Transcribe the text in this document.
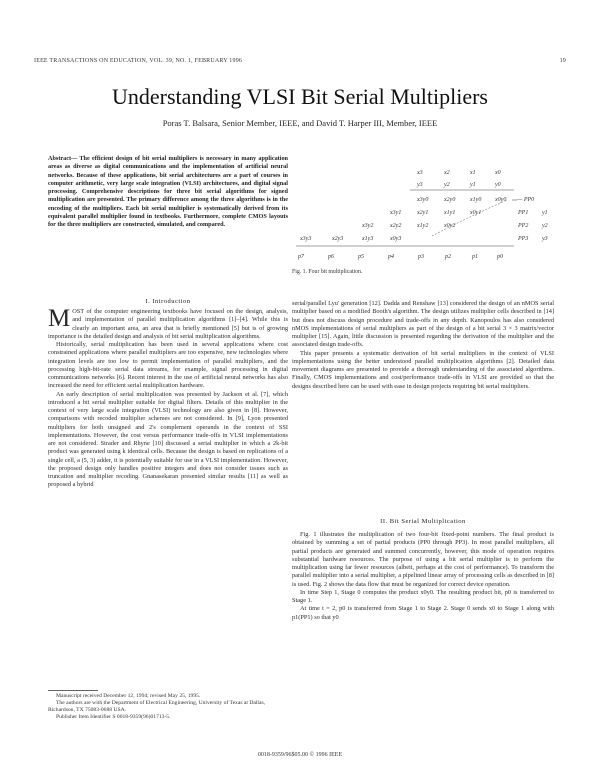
IEEE TRANSACTIONS ON EDUCATION, VOL. 39, NO. 1, FEBRUARY 1996	19
Understanding VLSI Bit Serial Multipliers
Poras T. Balsara, Senior Member, IEEE, and David T. Harper III, Member, IEEE
Abstract— The efficient design of bit serial multipliers is necessary in many application areas as diverse as digital communications and the implementation of artificial neural networks. Because of these applications, bit serial architectures are a part of courses in computer arithmetic, very large scale integration (VLSI) architectures, and digital signal processing. Comprehensive descriptions for three bit serial algorithms for signed multiplication are presented. The primary difference among the three algorithms is in the encoding of the multipliers. Each bit serial multiplier is systematically derived from its equivalent parallel multiplier found in textbooks. Furthermore, complete CMOS layouts for the three multipliers are constructed, simulated, and compared.
x3	x2	x1	x0
y3	y2	y1	y0
x3y0	x2y0 x1y0 x0y0 — PP0
x3y1	x2y1	x1y1 x0y1	PP1 y1
x3y2	x2y2	x1y2	x0y2	PP2 y2
x3y3	x2y3	x1y3	x0y3	PP3 y3
p7	p6	p5	p4	p3	p2	p1	p0
Fig. 1. Four bit multiplication.
I. Introduction

MOST of the computer engineering textbooks have focused on the design, analysis, and implementation of parallel multiplication algorithms [1]–[4]. While this is clearly an important area, an area that is briefly mentioned [5] but is of growing importance is the detailed design and analysis of bit serial multiplication algorithms.

Historically, serial multiplication has been used in several applications where cost constrained applications where parallel multipliers are too expensive, new technologies where integration levels are too low to permit implementation of parallel multipliers, and the processing high-bit-rate serial data streams, for example, signal processing in digital communications networks [6]. Recent interest in the use of artificial neural networks has also increased the need for efficient serial multiplication hardware.

An early description of serial multiplication was presented by Jackson et al. [7], which introduced a bit serial multiplier suitable for digital filters. Details of this multiplier in the context of very large scale integration (VLSI) technology are also given in [8]. However, comparisons with recoded multiplier schemes are not considered. In [9], Lyon presented multipliers for both unsigned and 2's complement operands in the context of SSI implementations. However, the cost versus performance trade-offs in VLSI implementations are not considered. Strader and Rhyne [10] discussed a serial multiplier in which a 2k-bit product was generated using k identical cells. Because the design is based on replications of a single cell, a (5, 3) adder, it is potentially suitable for use in a VLSI implementation. However, the proposed design only handles positive integers and does not consider issues such as truncation and multiplier recoding. Gnanasekaran presented similar results [11] as well as proposed a hybrid

Manuscript received December 12, 1994; revised May 25, 1995.
The authors are with the Department of Electrical Engineering, University of Texas at Dallas, Richardson, TX 75083-0688 USA.
Publisher Item Identifier S 0018-9359(96)01713-5.

serial/parallel Lyu' generation [12]. Dadda and Renshaw [13] considered the design of an nMOS serial multiplier based on a modified Booth's algorithm. The design utilizes multiplier cells described in [14] but does not discuss design procedure and trade-offs in any depth. Kanopoulos has also considered nMOS implementations of serial multipliers as part of the design of a bit serial 3 × 3 matrix/vector multiplier [15]. Again, little discussion is presented regarding the derivation of the multiplier and the associated design trade-offs.

This paper presents a systematic derivation of bit serial multipliers in the context of VLSI implementations using the better understood parallel multiplication algorithms [2]. Detailed data movement diagrams are presented to provide a thorough understanding of the associated algorithms. Finally, CMOS implementations and cost/performance trade-offs in VLSI are provided so that the designs described here can be used with ease in design projects requiring bit serial multipliers.

II. Bit Serial Multiplication

Fig. 1 illustrates the multiplication of two four-bit fixed-point numbers. The final product is obtained by summing a set of partial products (PP0 through PP3). In most parallel multipliers, all partial products are generated and summed concurrently, however, this mode of operation requires substantial hardware resources. The purpose of using a bit serial multiplier is to perform the multiplication using far fewer resources (albeit, perhaps at the cost of performance). To transform the parallel multiplier into a serial multiplier, a pipelined linear array of processing cells as described in [8] is used. Fig. 2 shows the data flow that must be organized for correct device operation.

In time Step 1, Stage 0 computes the product x0y0. The resulting product bit, p0 is transferred to Stage 1.

At time t = 2, p0 is transferred from Stage 1 to Stage 2. Stage 0 sends x0 to Stage 1 along with p1(PP1) so that y0

0018-9359/96$05.00 © 1996 IEEE
